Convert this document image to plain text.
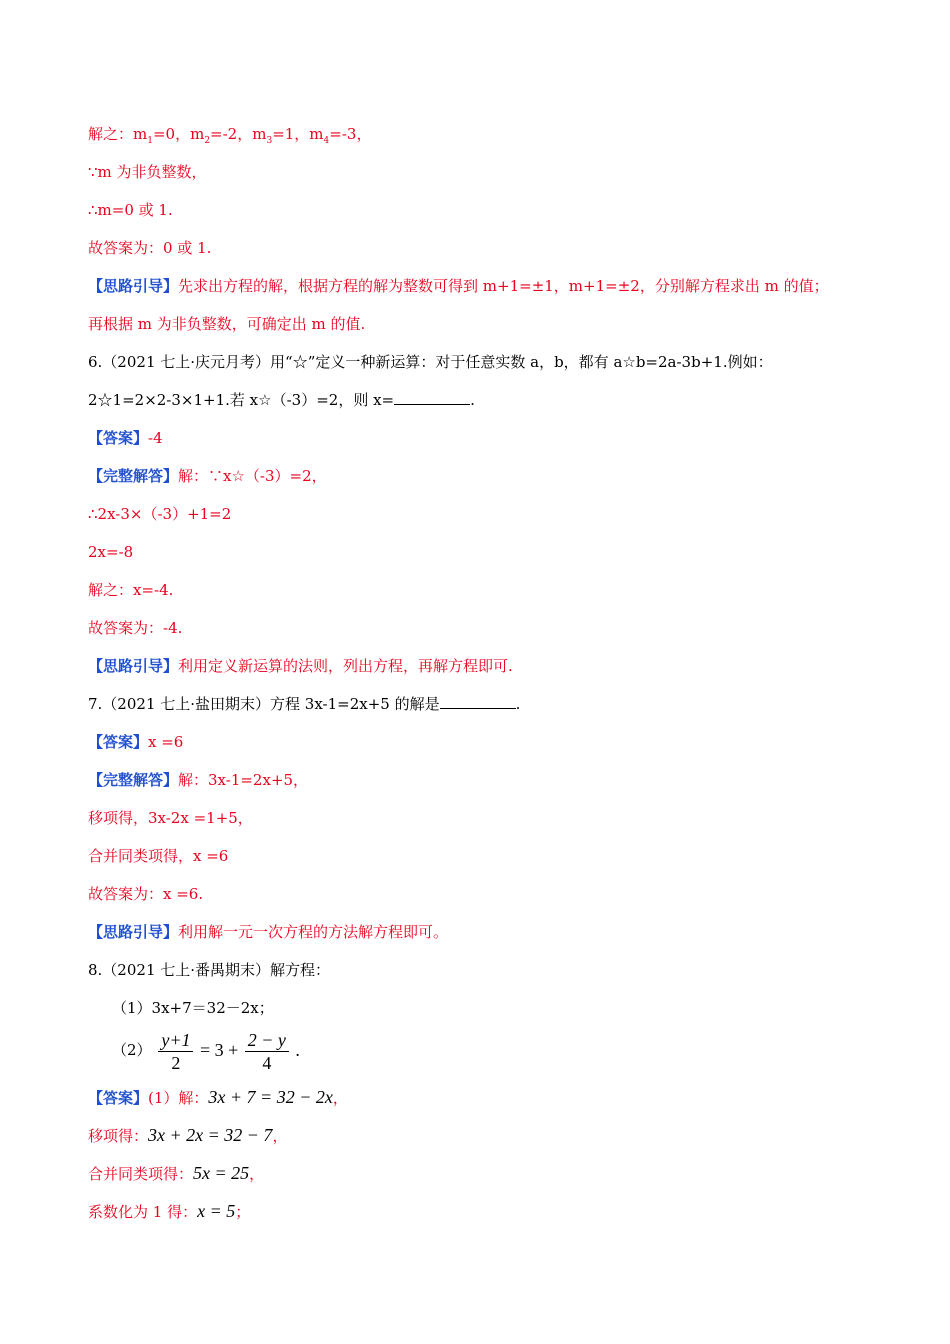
解之：$m_1=0$，$m_2=-2$，$m_3=1$，$m_4=-3$，
∵m 为非负整数，
∴m=0 或 1.
故答案为：0 或 1.
【思路引导】先求出方程的解，根据方程的解为整数可得到 m+1=±1，m+1=±2，分别解方程求出 m 的值；
再根据 m 为非负整数，可确定出 m 的值.
6.（2021 七上·庆元月考）用“☆”定义一种新运算：对于任意实数 a，b，都有 a☆b=2a-3b+1.例如：
2☆1=2×2-3×1+1.若 x☆（-3）=2，则 x=	.
【答案】-4
【完整解答】解：∵x☆（-3）=2，
∴2x-3×（-3）+1=2
2x=-8
解之：x=-4.
故答案为：-4.
【思路引导】利用定义新运算的法则，列出方程，再解方程即可.
7.（2021 七上·盐田期末）方程 3x-1=2x+5 的解是	.
【答案】x =6
【完整解答】解：3x-1=2x+5，
移项得，3x-2x =1+5，
合并同类项得，x =6
故答案为：x =6.
【思路引导】利用解一元一次方程的方法解方程即可。
8.（2021 七上·番禺期末）解方程：
（1）3x+7＝32－2x；
$(2) \frac{y+1}{2} = 3 + \frac{2 - y}{4}$ .
【答案】(1）解：3x + 7 = 32 − 2x，
移项得：3x + 2x = 32 − 7，
合并同类项得：5x = 25，
系数化为 1 得：x = 5；
